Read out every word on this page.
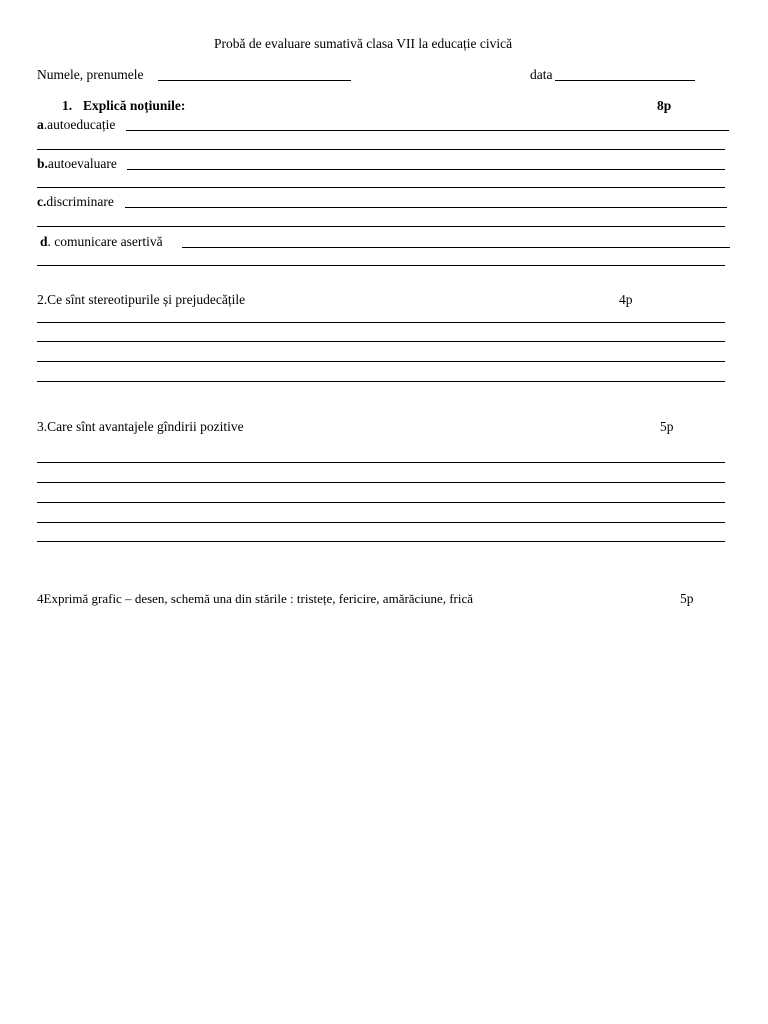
Probă de evaluare sumativă clasa VII la educație civică
Numele, prenumele	data
1. Explică noțiunile:	8p
a.autoeducație
b.autoevaluare
c.discriminare
d. comunicare asertivă
2.Ce sînt stereotipurile și prejudecățile	4p
3.Care sînt avantajele gîndirii pozitive	5p
4Exprimă grafic – desen, schemă una din stările : tristețe, fericire, amărăciune, frică	5p
